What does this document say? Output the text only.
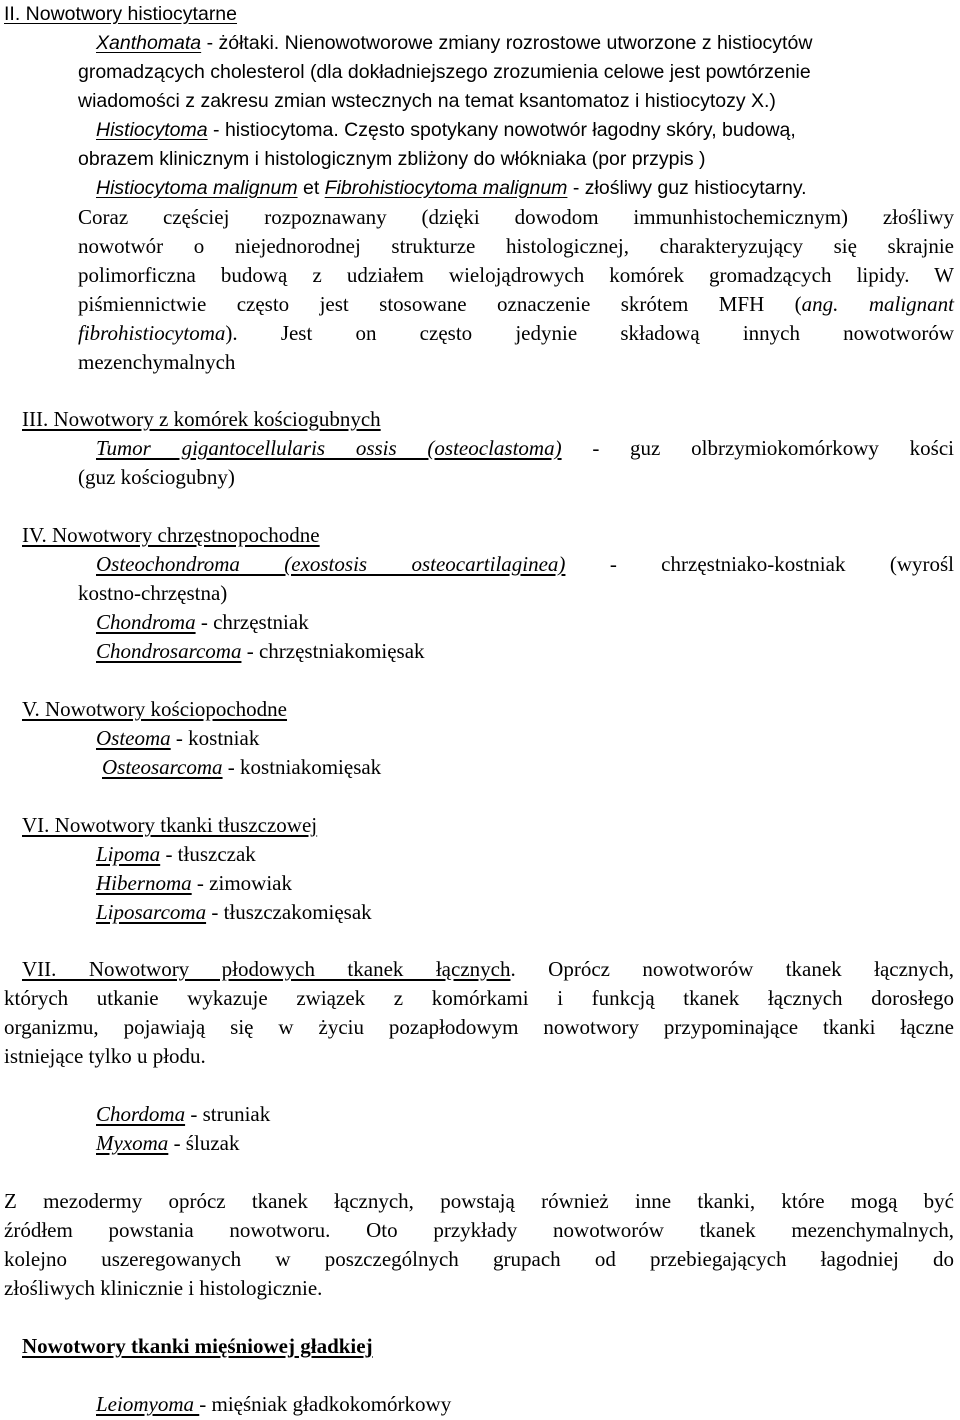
II. Nowotwory histiocytarne
Xanthomata - żółtaki. Nienowotworowe zmiany rozrostowe utworzone z histiocytów
gromadzących cholesterol (dla dokładniejszego zrozumienia celowe jest powtórzenie
wiadomości z zakresu zmian wstecznych na temat ksantomatoz i histiocytozy X.)
Histiocytoma - histiocytoma. Często spotykany nowotwór łagodny skóry, budową,
obrazem klinicznym i histologicznym zbliżony do włókniaka (por przypis )
Histiocytoma malignum et Fibrohistiocytoma malignum - złośliwy guz histiocytarny.
Coraz częściej rozpoznawany (dzięki dowodom immunhistochemicznym) złośliwy
nowotwór o niejednorodnej strukturze histologicznej, charakteryzujący się skrajnie
polimorficzna budową z udziałem wielojądrowych komórek gromadzących lipidy. W
piśmiennictwie często jest stosowane oznaczenie skrótem MFH (ang. malignant
fibrohistiocytoma). Jest on często jedynie składową innych nowotworów
mezenchymalnych
III. Nowotwory z komórek kościogubnych
Tumor gigantocellularis ossis (osteoclastoma) - guz olbrzymiokomórkowy kości
(guz kościogubny)
IV. Nowotwory chrzęstnopochodne
Osteochondroma (exostosis osteocartilaginea) - chrzęstniako-kostniak (wyrośl
kostno-chrzęstna)
Chondroma - chrzęstniak
Chondrosarcoma - chrzęstniakomięsak
V. Nowotwory kościopochodne
Osteoma - kostniak
Osteosarcoma - kostniakomięsak
VI. Nowotwory tkanki tłuszczowej
Lipoma - tłuszczak
Hibernoma - zimowiak
Liposarcoma - tłuszczakomięsak
VII. Nowotwory płodowych tkanek łącznych. Oprócz nowotworów tkanek łącznych,
których utkanie wykazuje związek z komórkami i funkcją tkanek łącznych dorosłego
organizmu, pojawiają się w życiu pozapłodowym nowotwory przypominające tkanki łączne
istniejące tylko u płodu.
Chordoma - struniak
Myxoma - śluzak
Z mezodermy oprócz tkanek łącznych, powstają również inne tkanki, które mogą być
źródłem powstania nowotworu. Oto przykłady nowotworów tkanek mezenchymalnych,
kolejno uszeregowanych w poszczególnych grupach od przebiegających łagodniej do
złośliwych klinicznie i histologicznie.
Nowotwory tkanki mięśniowej gładkiej
Leiomyoma - mięśniak gładkokomórkowy
